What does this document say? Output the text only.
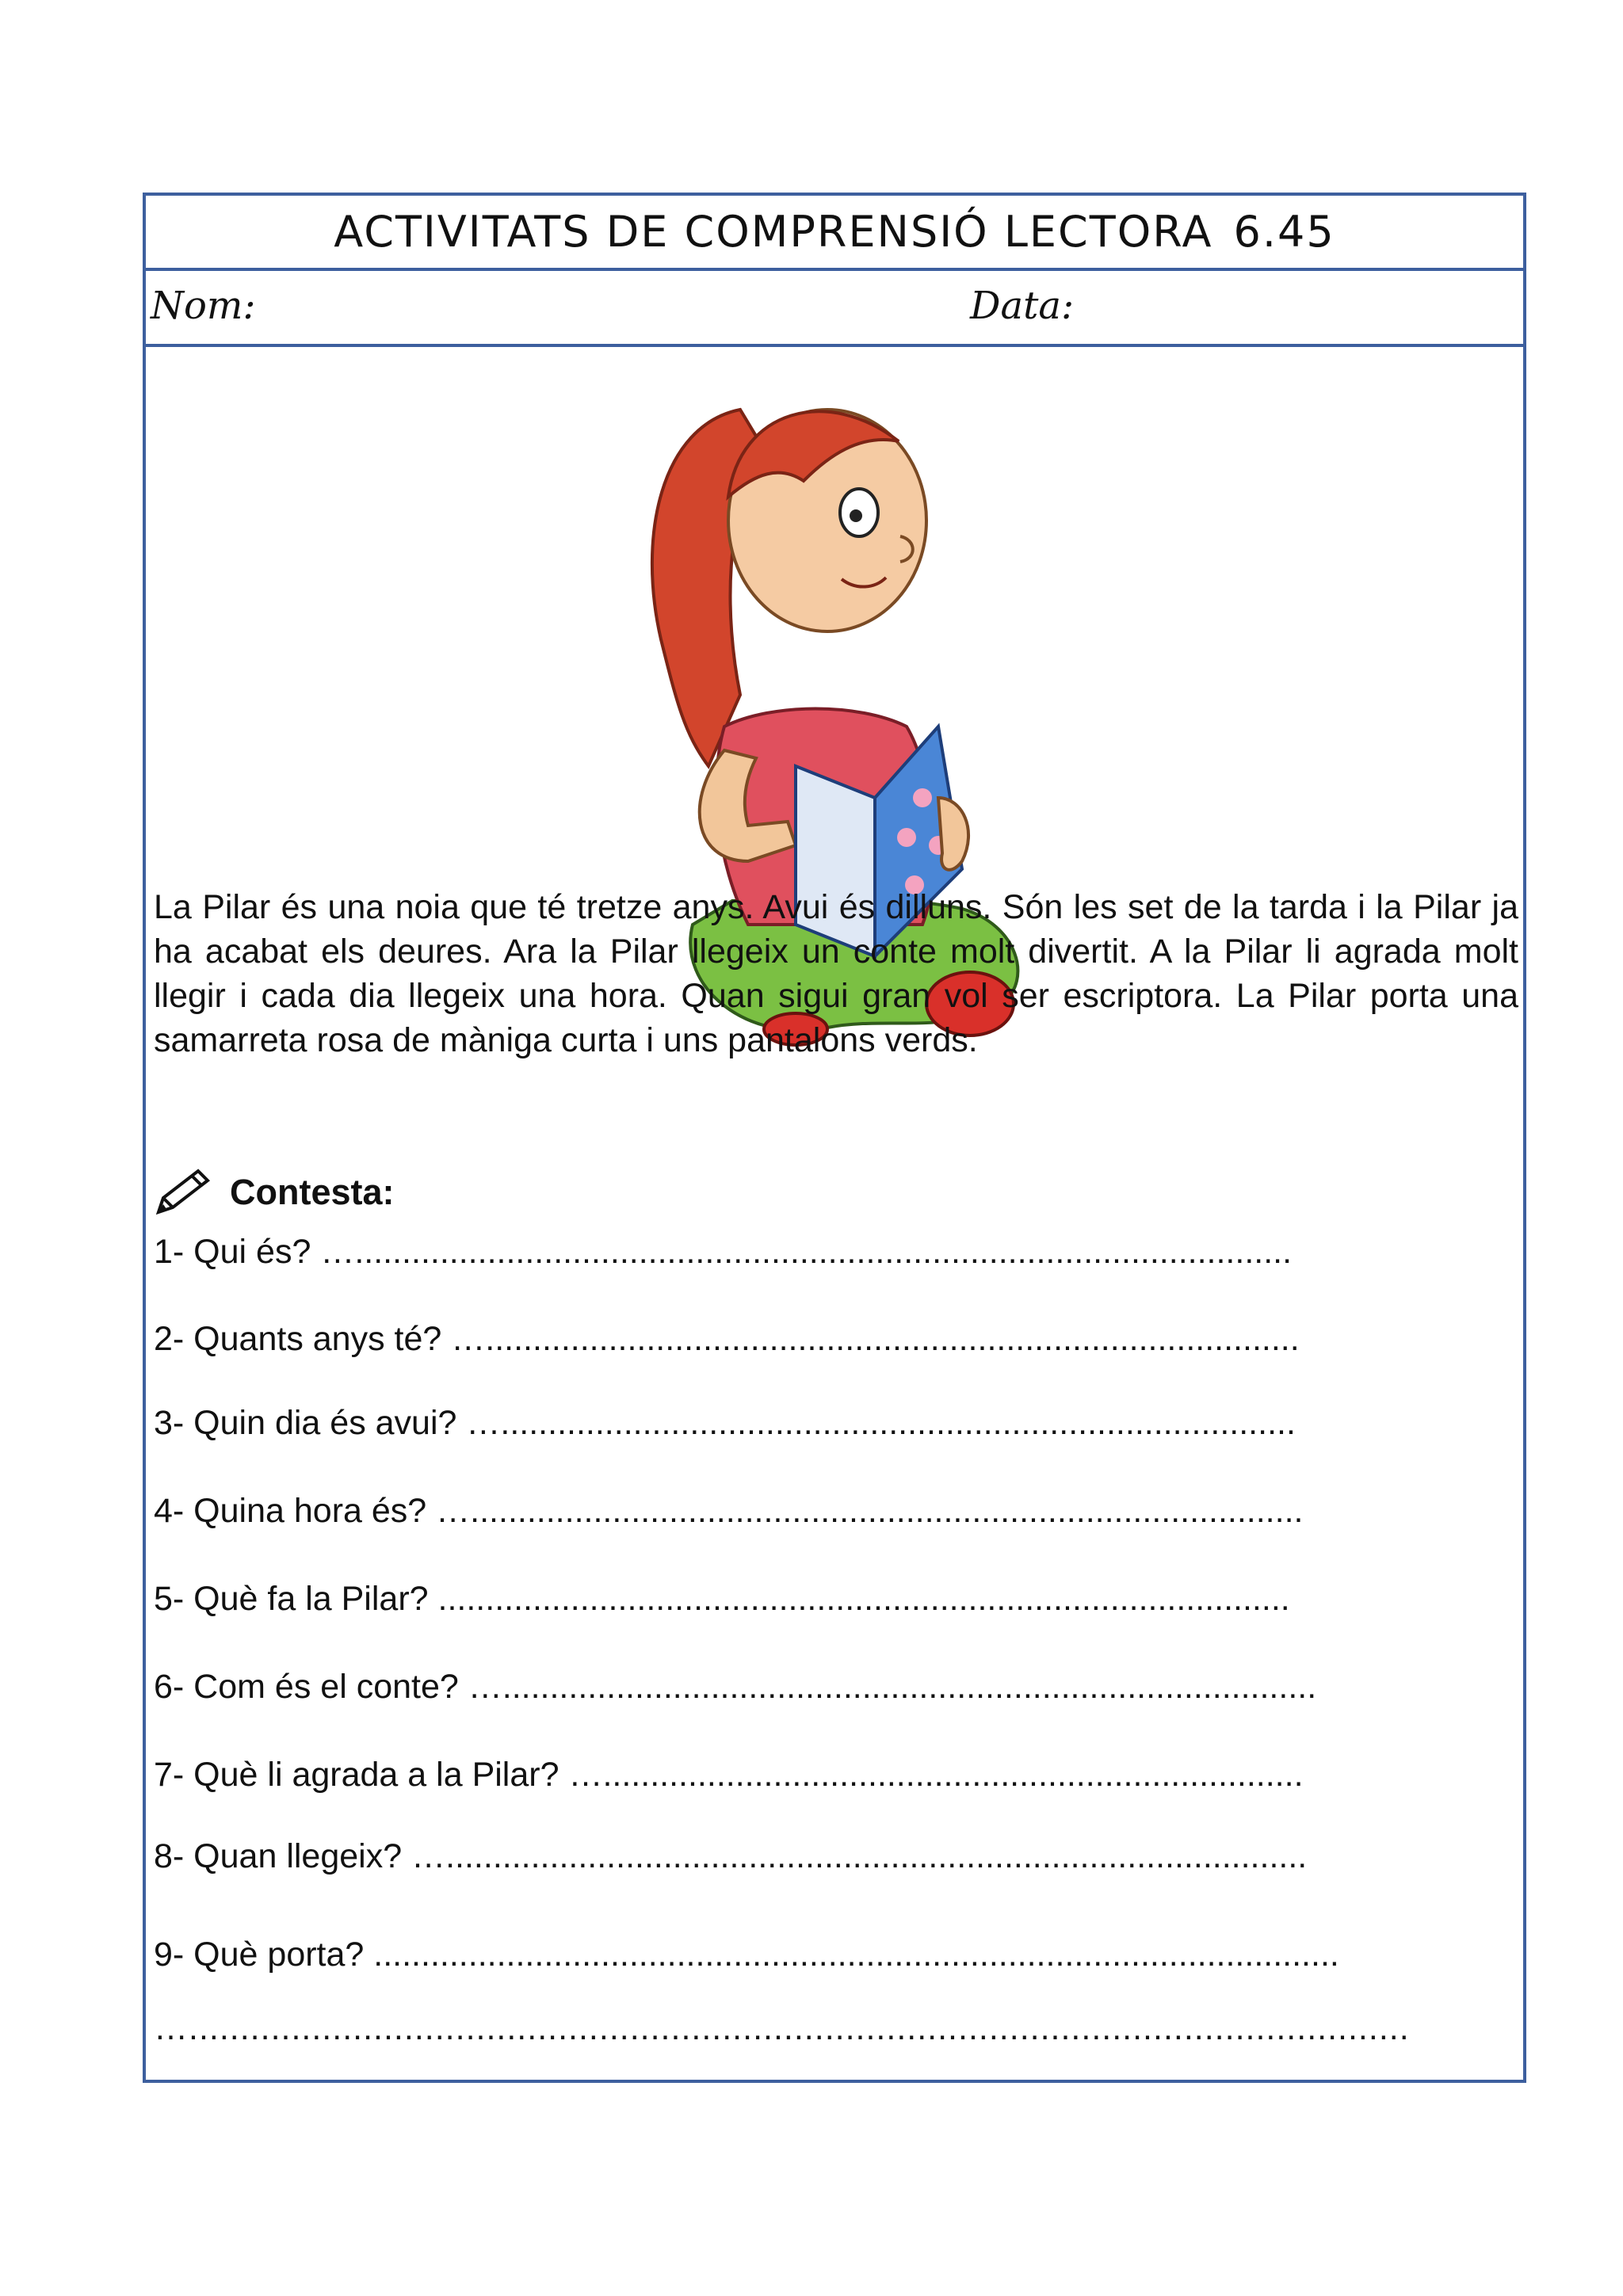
ACTIVITATS DE COMPRENSIÓ LECTORA 6.45
Nom:	Data:

La Pilar és una noia que té tretze anys. Avui és dilluns. Són les set de la tarda i la Pilar ja ha acabat els deures. Ara la Pilar llegeix un conte molt divertit. A la Pilar li agrada molt llegir i cada dia llegeix una hora. Quan sigui gran vol ser escriptora. La Pilar porta una samarreta rosa de màniga curta i uns pantalons verds.

Contesta:
1- Qui és? …...................................................................................................
2- Quants anys té? …......................................................................................
3- Quin dia és avui? …....................................................................................
4- Quina hora és? …........................................................................................
5- Què fa la Pilar? ..........................................................................................
6- Com és el conte? …......................................................................................
7- Què li agrada a la Pilar? …..........................................................................
8- Quan llegeix? …...........................................................................................
9- Què porta? ......................................................................................................
….......................................................................................................................
